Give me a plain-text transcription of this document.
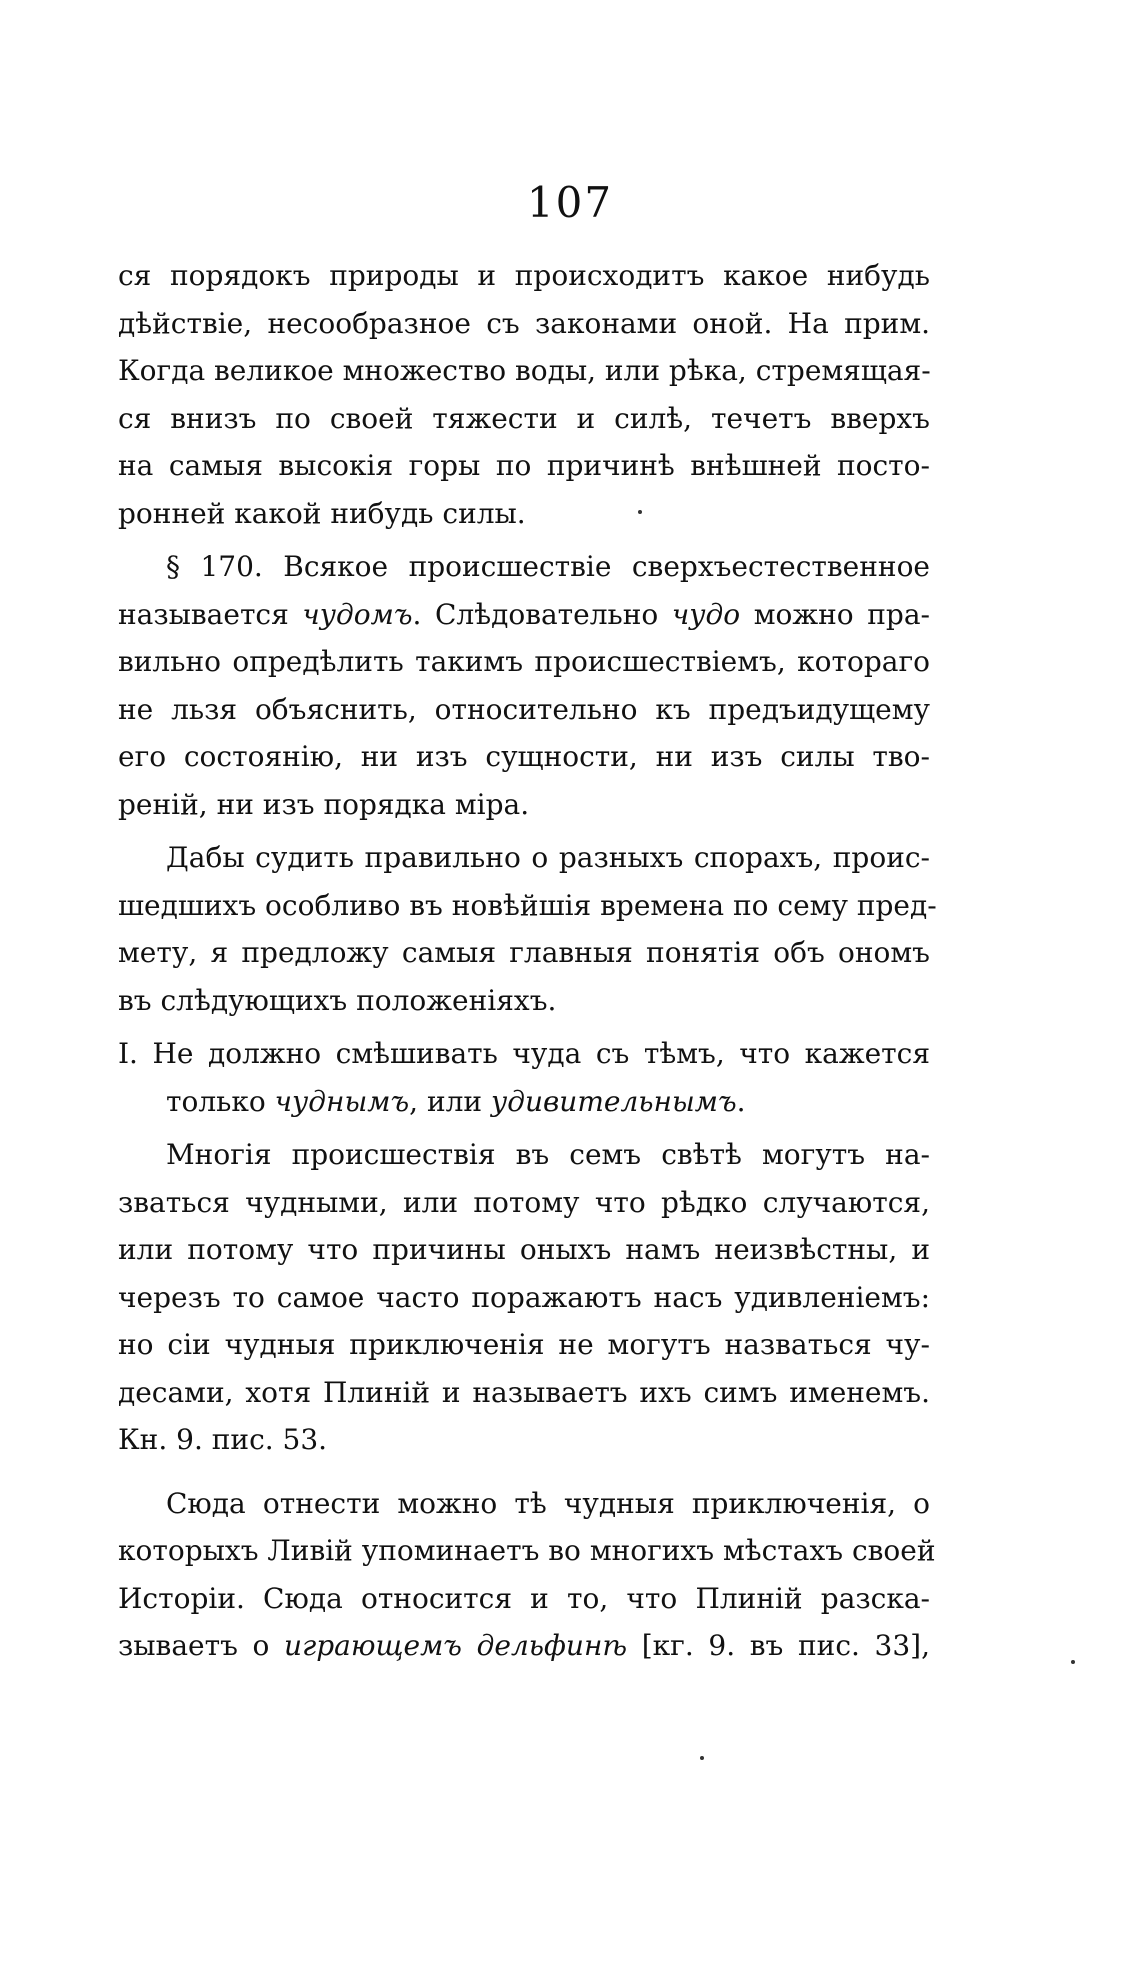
107
ся порядокъ природы и происходитъ какое нибудь
дѣйствіе, несообразное съ законами оной. На прим.
Когда великое множество воды, или рѣка, стремящая-
ся внизъ по своей тяжести и силѣ, течетъ вверхъ
на самыя высокія горы по причинѣ внѣшней посто-
ронней какой нибудь силы.
§ 170. Всякое происшествіе сверхъестественное
называется чудомъ. Слѣдовательно чудо можно пра-
вильно опредѣлить такимъ происшествіемъ, котораго
не льзя объяснить, относительно къ предъидущему
его состоянію, ни изъ сущности, ни изъ силы тво-
реній, ни изъ порядка міра.
Дабы судить правильно о разныхъ спорахъ, проис-
шедшихъ особливо въ новѣйшія времена по сему пред-
мету, я предложу самыя главныя понятія объ ономъ
въ слѣдующихъ положеніяхъ.
I. Не должно смѣшивать чуда съ тѣмъ, что кажется
только чуднымъ, или удивительнымъ.
Многія происшествія въ семъ свѣтѣ могутъ на-
зваться чудными, или потому что рѣдко случаются,
или потому что причины оныхъ намъ неизвѣстны, и
черезъ то самое часто поражаютъ насъ удивленіемъ:
но сіи чудныя приключенія не могутъ назваться чу-
десами, хотя Плиній и называетъ ихъ симъ именемъ.
Кн. 9. пис. 53.
Сюда отнести можно тѣ чудныя приключенія, о
которыхъ Ливій упоминаетъ во многихъ мѣстахъ своей
Исторіи. Сюда относится и то, что Плиній разска-
зываетъ о играющемъ дельфинѣ [кг. 9. въ пис. 33],
